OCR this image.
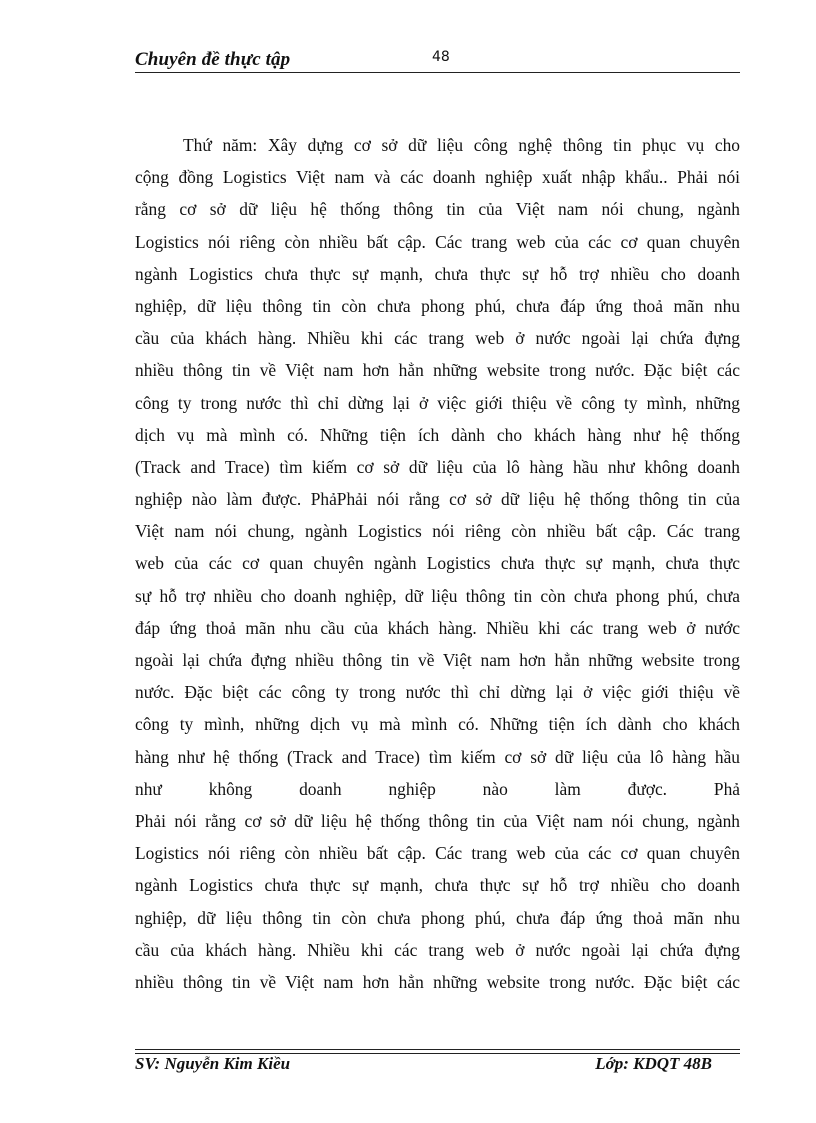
Chuyên đề thực tập	48
Thứ năm: Xây dựng cơ sở dữ liệu công nghệ thông tin phục vụ cho
cộng đồng Logistics Việt nam và các doanh nghiệp xuất nhập khẩu.. Phải nói
rằng cơ sở dữ liệu hệ thống thông tin của Việt nam nói chung, ngành
Logistics nói riêng còn nhiều bất cập. Các trang web của các cơ quan chuyên
ngành Logistics chưa thực sự mạnh, chưa thực sự hỗ trợ nhiều cho doanh
nghiệp, dữ liệu thông tin còn chưa phong phú, chưa đáp ứng thoả mãn nhu
cầu của khách hàng. Nhiều khi các trang web ở nước ngoài lại chứa đựng
nhiều thông tin về Việt nam hơn hẳn những website trong nước. Đặc biệt các
công ty trong nước thì chỉ dừng lại ở việc giới thiệu về công ty mình, những
dịch vụ mà mình có. Những tiện ích dành cho khách hàng như hệ thống
(Track and Trace) tìm kiếm cơ sở dữ liệu của lô hàng hầu như không doanh
nghiệp nào làm được. PhảPhải nói rằng cơ sở dữ liệu hệ thống thông tin của
Việt nam nói chung, ngành Logistics nói riêng còn nhiều bất cập. Các trang
web của các cơ quan chuyên ngành Logistics chưa thực sự mạnh, chưa thực
sự hỗ trợ nhiều cho doanh nghiệp, dữ liệu thông tin còn chưa phong phú, chưa
đáp ứng thoả mãn nhu cầu của khách hàng. Nhiều khi các trang web ở nước
ngoài lại chứa đựng nhiều thông tin về Việt nam hơn hẳn những website trong
nước. Đặc biệt các công ty trong nước thì chỉ dừng lại ở việc giới thiệu về
công ty mình, những dịch vụ mà mình có. Những tiện ích dành cho khách
hàng như hệ thống (Track and Trace) tìm kiếm cơ sở dữ liệu của lô hàng hầu
như không doanh nghiệp nào làm được. Phả
Phải nói rằng cơ sở dữ liệu hệ thống thông tin của Việt nam nói chung, ngành
Logistics nói riêng còn nhiều bất cập. Các trang web của các cơ quan chuyên
ngành Logistics chưa thực sự mạnh, chưa thực sự hỗ trợ nhiều cho doanh
nghiệp, dữ liệu thông tin còn chưa phong phú, chưa đáp ứng thoả mãn nhu
cầu của khách hàng. Nhiều khi các trang web ở nước ngoài lại chứa đựng
nhiều thông tin về Việt nam hơn hẳn những website trong nước. Đặc biệt các
SV: Nguyễn Kim Kiều	Lớp: KDQT 48B
